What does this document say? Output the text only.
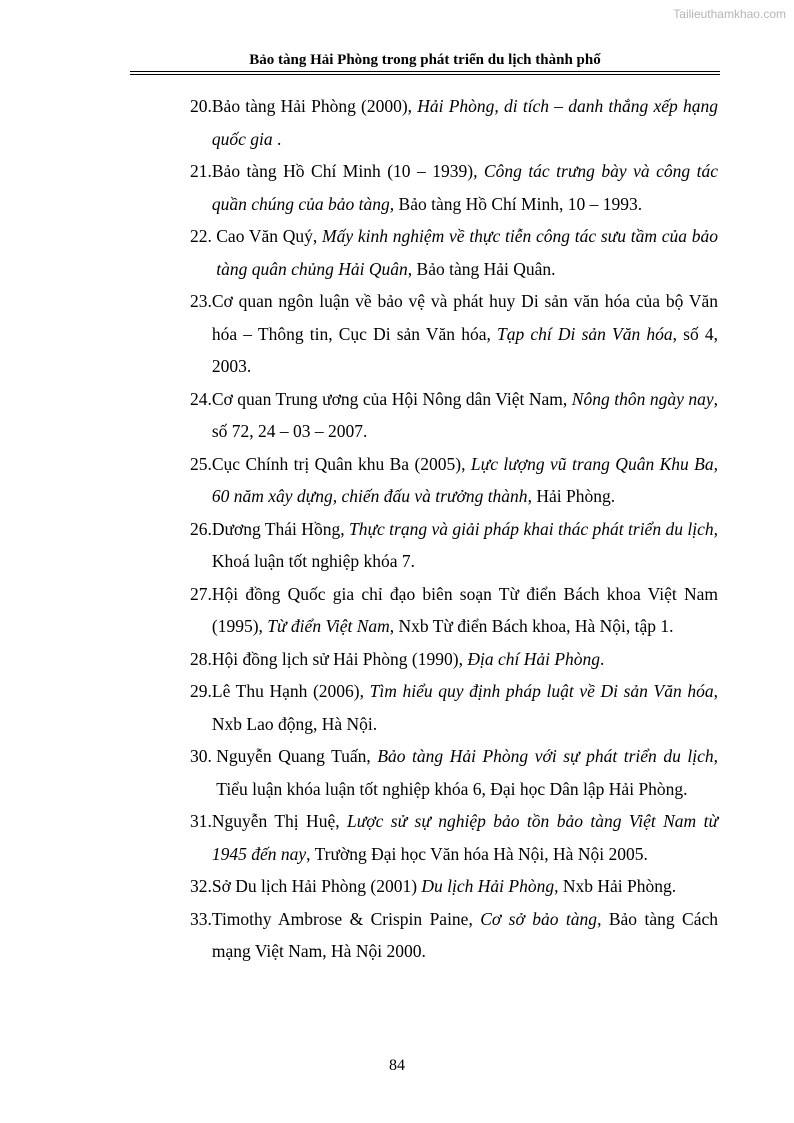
Tailieuthamkhao.com
Bảo tàng Hải Phòng trong phát triển du lịch thành phố
20. Bảo tàng Hải Phòng (2000), Hải Phòng, di tích – danh thắng xếp hạng quốc gia .
21. Bảo tàng Hồ Chí Minh (10 – 1939), Công tác trưng bày và công tác quần chúng của bảo tàng, Bảo tàng Hồ Chí Minh, 10 – 1993.
22. Cao Văn Quý, Mấy kinh nghiệm về thực tiễn công tác sưu tầm của bảo tàng quân chủng Hải Quân, Bảo tàng Hải Quân.
23. Cơ quan ngôn luận về bảo vệ và phát huy Di sản văn hóa của bộ Văn hóa – Thông tin, Cục Di sản Văn hóa, Tạp chí Di sản Văn hóa, số 4, 2003.
24. Cơ quan Trung ương của Hội Nông dân Việt Nam, Nông thôn ngày nay, số 72, 24 – 03 – 2007.
25. Cục Chính trị Quân khu Ba (2005), Lực lượng vũ trang Quân Khu Ba, 60 năm xây dựng, chiến đấu và trưởng thành, Hải Phòng.
26. Dương Thái Hồng, Thực trạng và giải pháp khai thác phát triển du lịch, Khoá luận tốt nghiệp khóa 7.
27. Hội đồng Quốc gia chỉ đạo biên soạn Từ điển Bách khoa Việt Nam (1995), Từ điển Việt Nam, Nxb Từ điển Bách khoa, Hà Nội, tập 1.
28. Hội đồng lịch sử Hải Phòng (1990), Địa chí Hải Phòng.
29. Lê Thu Hạnh (2006), Tìm hiểu quy định pháp luật về Di sản Văn hóa, Nxb Lao động, Hà Nội.
30. Nguyễn Quang Tuấn, Bảo tàng Hải Phòng với sự phát triển du lịch, Tiểu luận khóa luận tốt nghiệp khóa 6, Đại học Dân lập Hải Phòng.
31. Nguyễn Thị Huệ, Lược sử sự nghiệp bảo tồn bảo tàng Việt Nam từ 1945 đến nay, Trường Đại học Văn hóa Hà Nội, Hà Nội 2005.
32. Sở Du lịch Hải Phòng (2001) Du lịch Hải Phòng, Nxb Hải Phòng.
33. Timothy Ambrose & Crispin Paine, Cơ sở bảo tàng, Bảo tàng Cách mạng Việt Nam, Hà Nội 2000.
84
